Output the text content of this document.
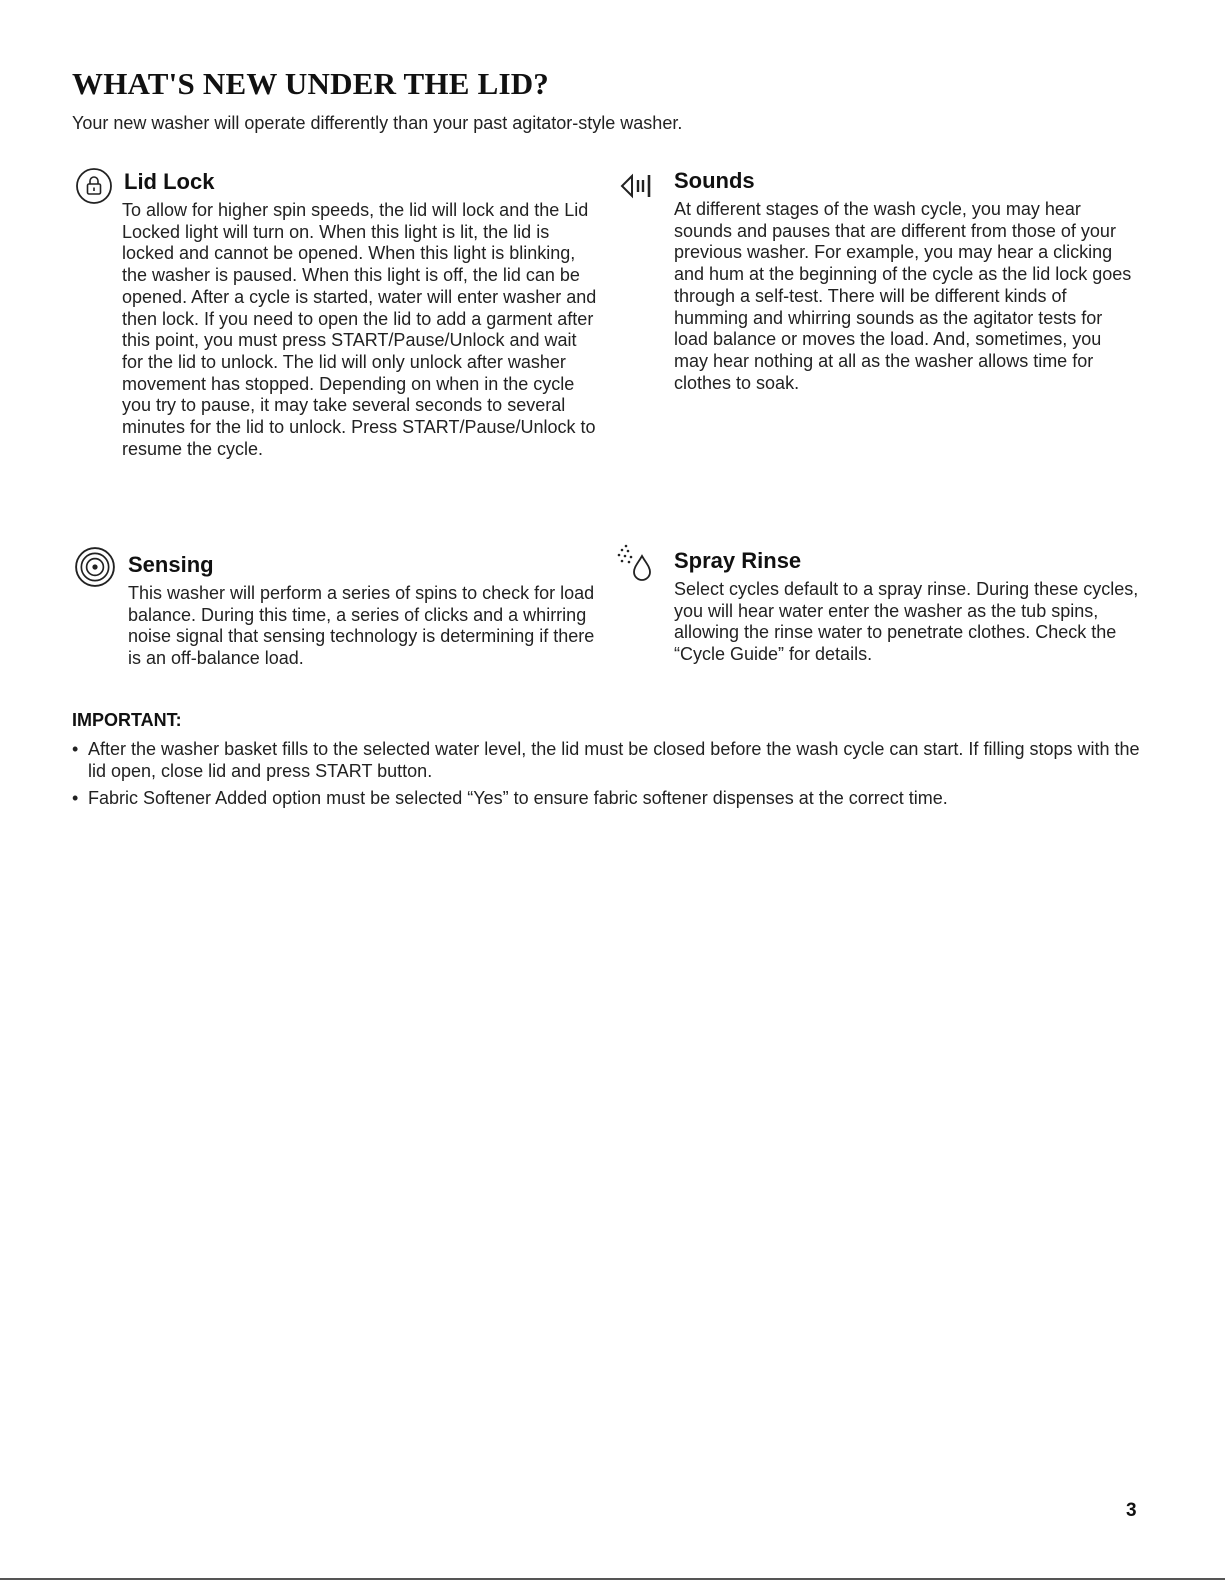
WHAT'S NEW UNDER THE LID?

Your new washer will operate differently than your past agitator-style washer.

Lid Lock

To allow for higher spin speeds, the lid will lock and the Lid Locked light will turn on. When this light is lit, the lid is locked and cannot be opened. When this light is blinking, the washer is paused. When this light is off, the lid can be opened. After a cycle is started, water will enter washer and then lock. If you need to open the lid to add a garment after this point, you must press START/Pause/Unlock and wait for the lid to unlock. The lid will only unlock after washer movement has stopped. Depending on when in the cycle you try to pause, it may take several seconds to several minutes for the lid to unlock. Press START/Pause/Unlock to resume the cycle.

Sounds

At different stages of the wash cycle, you may hear sounds and pauses that are different from those of your previous washer. For example, you may hear a clicking and hum at the beginning of the cycle as the lid lock goes through a self-test. There will be different kinds of humming and whirring sounds as the agitator tests for load balance or moves the load. And, sometimes, you may hear nothing at all as the washer allows time for clothes to soak.

Sensing

This washer will perform a series of spins to check for load balance. During this time, a series of clicks and a whirring noise signal that sensing technology is determining if there is an off-balance load.

Spray Rinse

Select cycles default to a spray rinse. During these cycles, you will hear water enter the washer as the tub spins, allowing the rinse water to penetrate clothes. Check the “Cycle Guide” for details.

IMPORTANT:
• After the washer basket fills to the selected water level, the lid must be closed before the wash cycle can start. If filling stops with the lid open, close lid and press START button.
• Fabric Softener Added option must be selected “Yes” to ensure fabric softener dispenses at the correct time.
3
